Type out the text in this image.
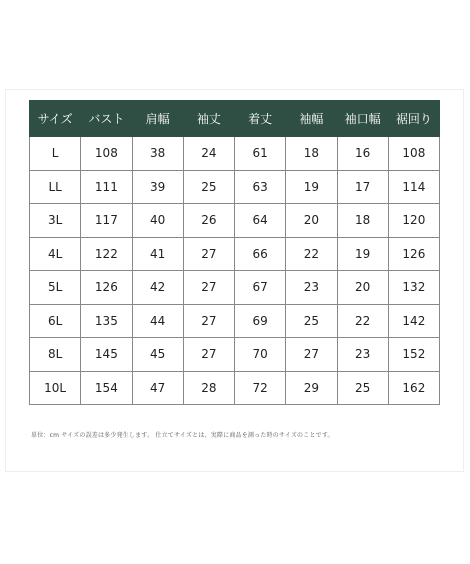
サイズ	バスト	肩幅	袖丈	着丈	袖幅	袖口幅	裾回り
L	108	38	24	61	18	16	108
LL	111	39	25	63	19	17	114
3L	117	40	26	64	20	18	120
4L	122	41	27	66	22	19	126
5L	126	42	27	67	23	20	132
6L	135	44	27	69	25	22	142
8L	145	45	27	70	27	23	152
10L	154	47	28	72	29	25	162
単位：cm サイズの誤差は多少発生します。 仕立てサイズとは、実際に商品を測った時のサイズのことです。
